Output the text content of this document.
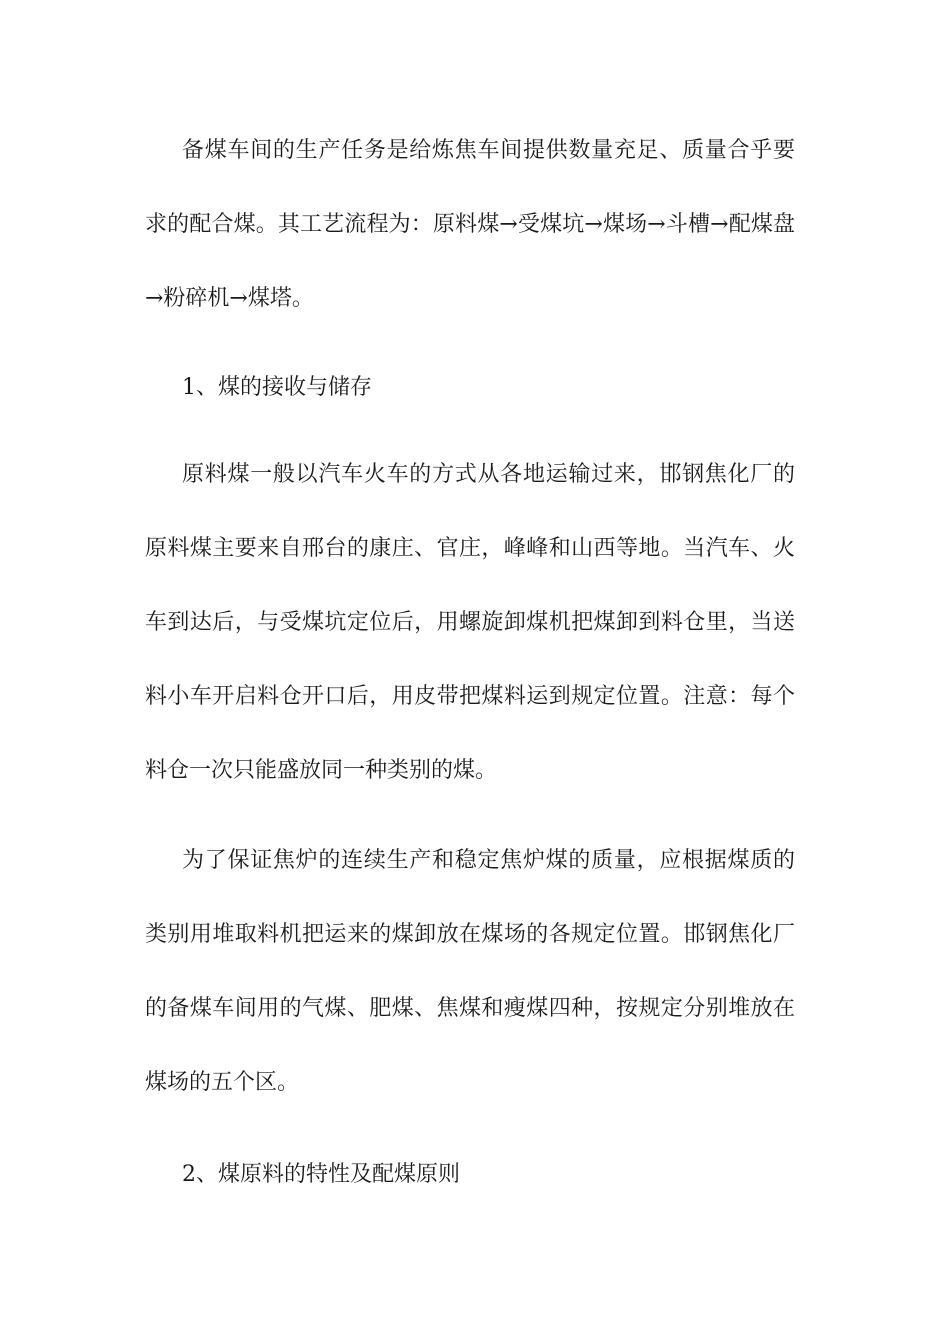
备煤车间的生产任务是给炼焦车间提供数量充足、质量合乎要求的配合煤。其工艺流程为：原料煤→受煤坑→煤场→斗槽→配煤盘→粉碎机→煤塔。

1、煤的接收与储存

原料煤一般以汽车火车的方式从各地运输过来，邯钢焦化厂的原料煤主要来自邢台的康庄、官庄，峰峰和山西等地。当汽车、火车到达后，与受煤坑定位后，用螺旋卸煤机把煤卸到料仓里，当送料小车开启料仓开口后，用皮带把煤料运到规定位置。注意：每个料仓一次只能盛放同一种类别的煤。

为了保证焦炉的连续生产和稳定焦炉煤的质量，应根据煤质的类别用堆取料机把运来的煤卸放在煤场的各规定位置。邯钢焦化厂的备煤车间用的气煤、肥煤、焦煤和瘦煤四种，按规定分别堆放在煤场的五个区。

2、煤原料的特性及配煤原则
